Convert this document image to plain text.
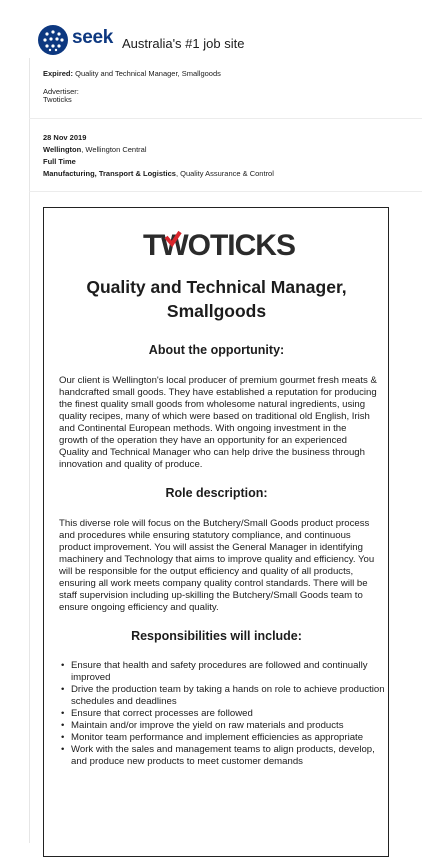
seek Australia's #1 job site
Expired: Quality and Technical Manager, Smallgoods
Advertiser:
Twoticks
28 Nov 2019
Wellington, Wellington Central
Full Time
Manufacturing, Transport & Logistics, Quality Assurance & Control
TWOTICKS
Quality and Technical Manager, Smallgoods
About the opportunity:
Our client is Wellington's local producer of premium gourmet fresh meats & handcrafted small goods. They have established a reputation for producing the finest quality small goods from wholesome natural ingredients, using quality recipes, many of which were based on traditional old English, Irish and Continental European methods. With ongoing investment in the growth of the operation they have an opportunity for an experienced Quality and Technical Manager who can help drive the business through innovation and quality of produce.
Role description:
This diverse role will focus on the Butchery/Small Goods product process and procedures while ensuring statutory compliance, and continuous product improvement. You will assist the General Manager in identifying machinery and Technology that aims to improve quality and efficiency. You will be responsible for the output efficiency and quality of all products, ensuring all work meets company quality control standards. There will be staff supervision including up-skilling the Butchery/Small Goods team to ensure ongoing efficiency and quality.
Responsibilities will include:
• Ensure that health and safety procedures are followed and continually improved
• Drive the production team by taking a hands on role to achieve production schedules and deadlines
• Ensure that correct processes are followed
• Maintain and/or improve the yield on raw materials and products
• Monitor team performance and implement efficiencies as appropriate
• Work with the sales and management teams to align products, develop, and produce new products to meet customer demands
